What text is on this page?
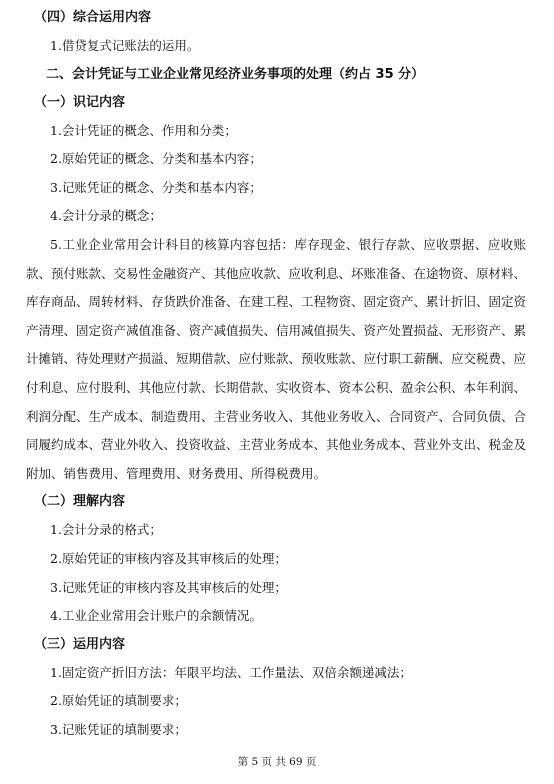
（四）综合运用内容
1.借贷复式记账法的运用。
二、会计凭证与工业企业常见经济业务事项的处理（约占 35 分）
（一）识记内容
1.会计凭证的概念、作用和分类；
2.原始凭证的概念、分类和基本内容；
3.记账凭证的概念、分类和基本内容；
4.会计分录的概念；
5.工业企业常用会计科目的核算内容包括：库存现金、银行存款、应收票据、应收账款、预付账款、交易性金融资产、其他应收款、应收利息、坏账准备、在途物资、原材料、库存商品、周转材料、存货跌价准备、在建工程、工程物资、固定资产、累计折旧、固定资产清理、固定资产减值准备、资产减值损失、信用减值损失、资产处置损益、无形资产、累计摊销、待处理财产损溢、短期借款、应付账款、预收账款、应付职工薪酬、应交税费、应付利息、应付股利、其他应付款、长期借款、实收资本、资本公积、盈余公积、本年利润、利润分配、生产成本、制造费用、主营业务收入、其他业务收入、合同资产、合同负债、合同履约成本、营业外收入、投资收益、主营业务成本、其他业务成本、营业外支出、税金及附加、销售费用、管理费用、财务费用、所得税费用。
（二）理解内容
1.会计分录的格式；
2.原始凭证的审核内容及其审核后的处理；
3.记账凭证的审核内容及其审核后的处理；
4.工业企业常用会计账户的余额情况。
（三）运用内容
1.固定资产折旧方法：年限平均法、工作量法、双倍余额递减法；
2.原始凭证的填制要求；
3.记账凭证的填制要求；
第 5 页 共 69 页
